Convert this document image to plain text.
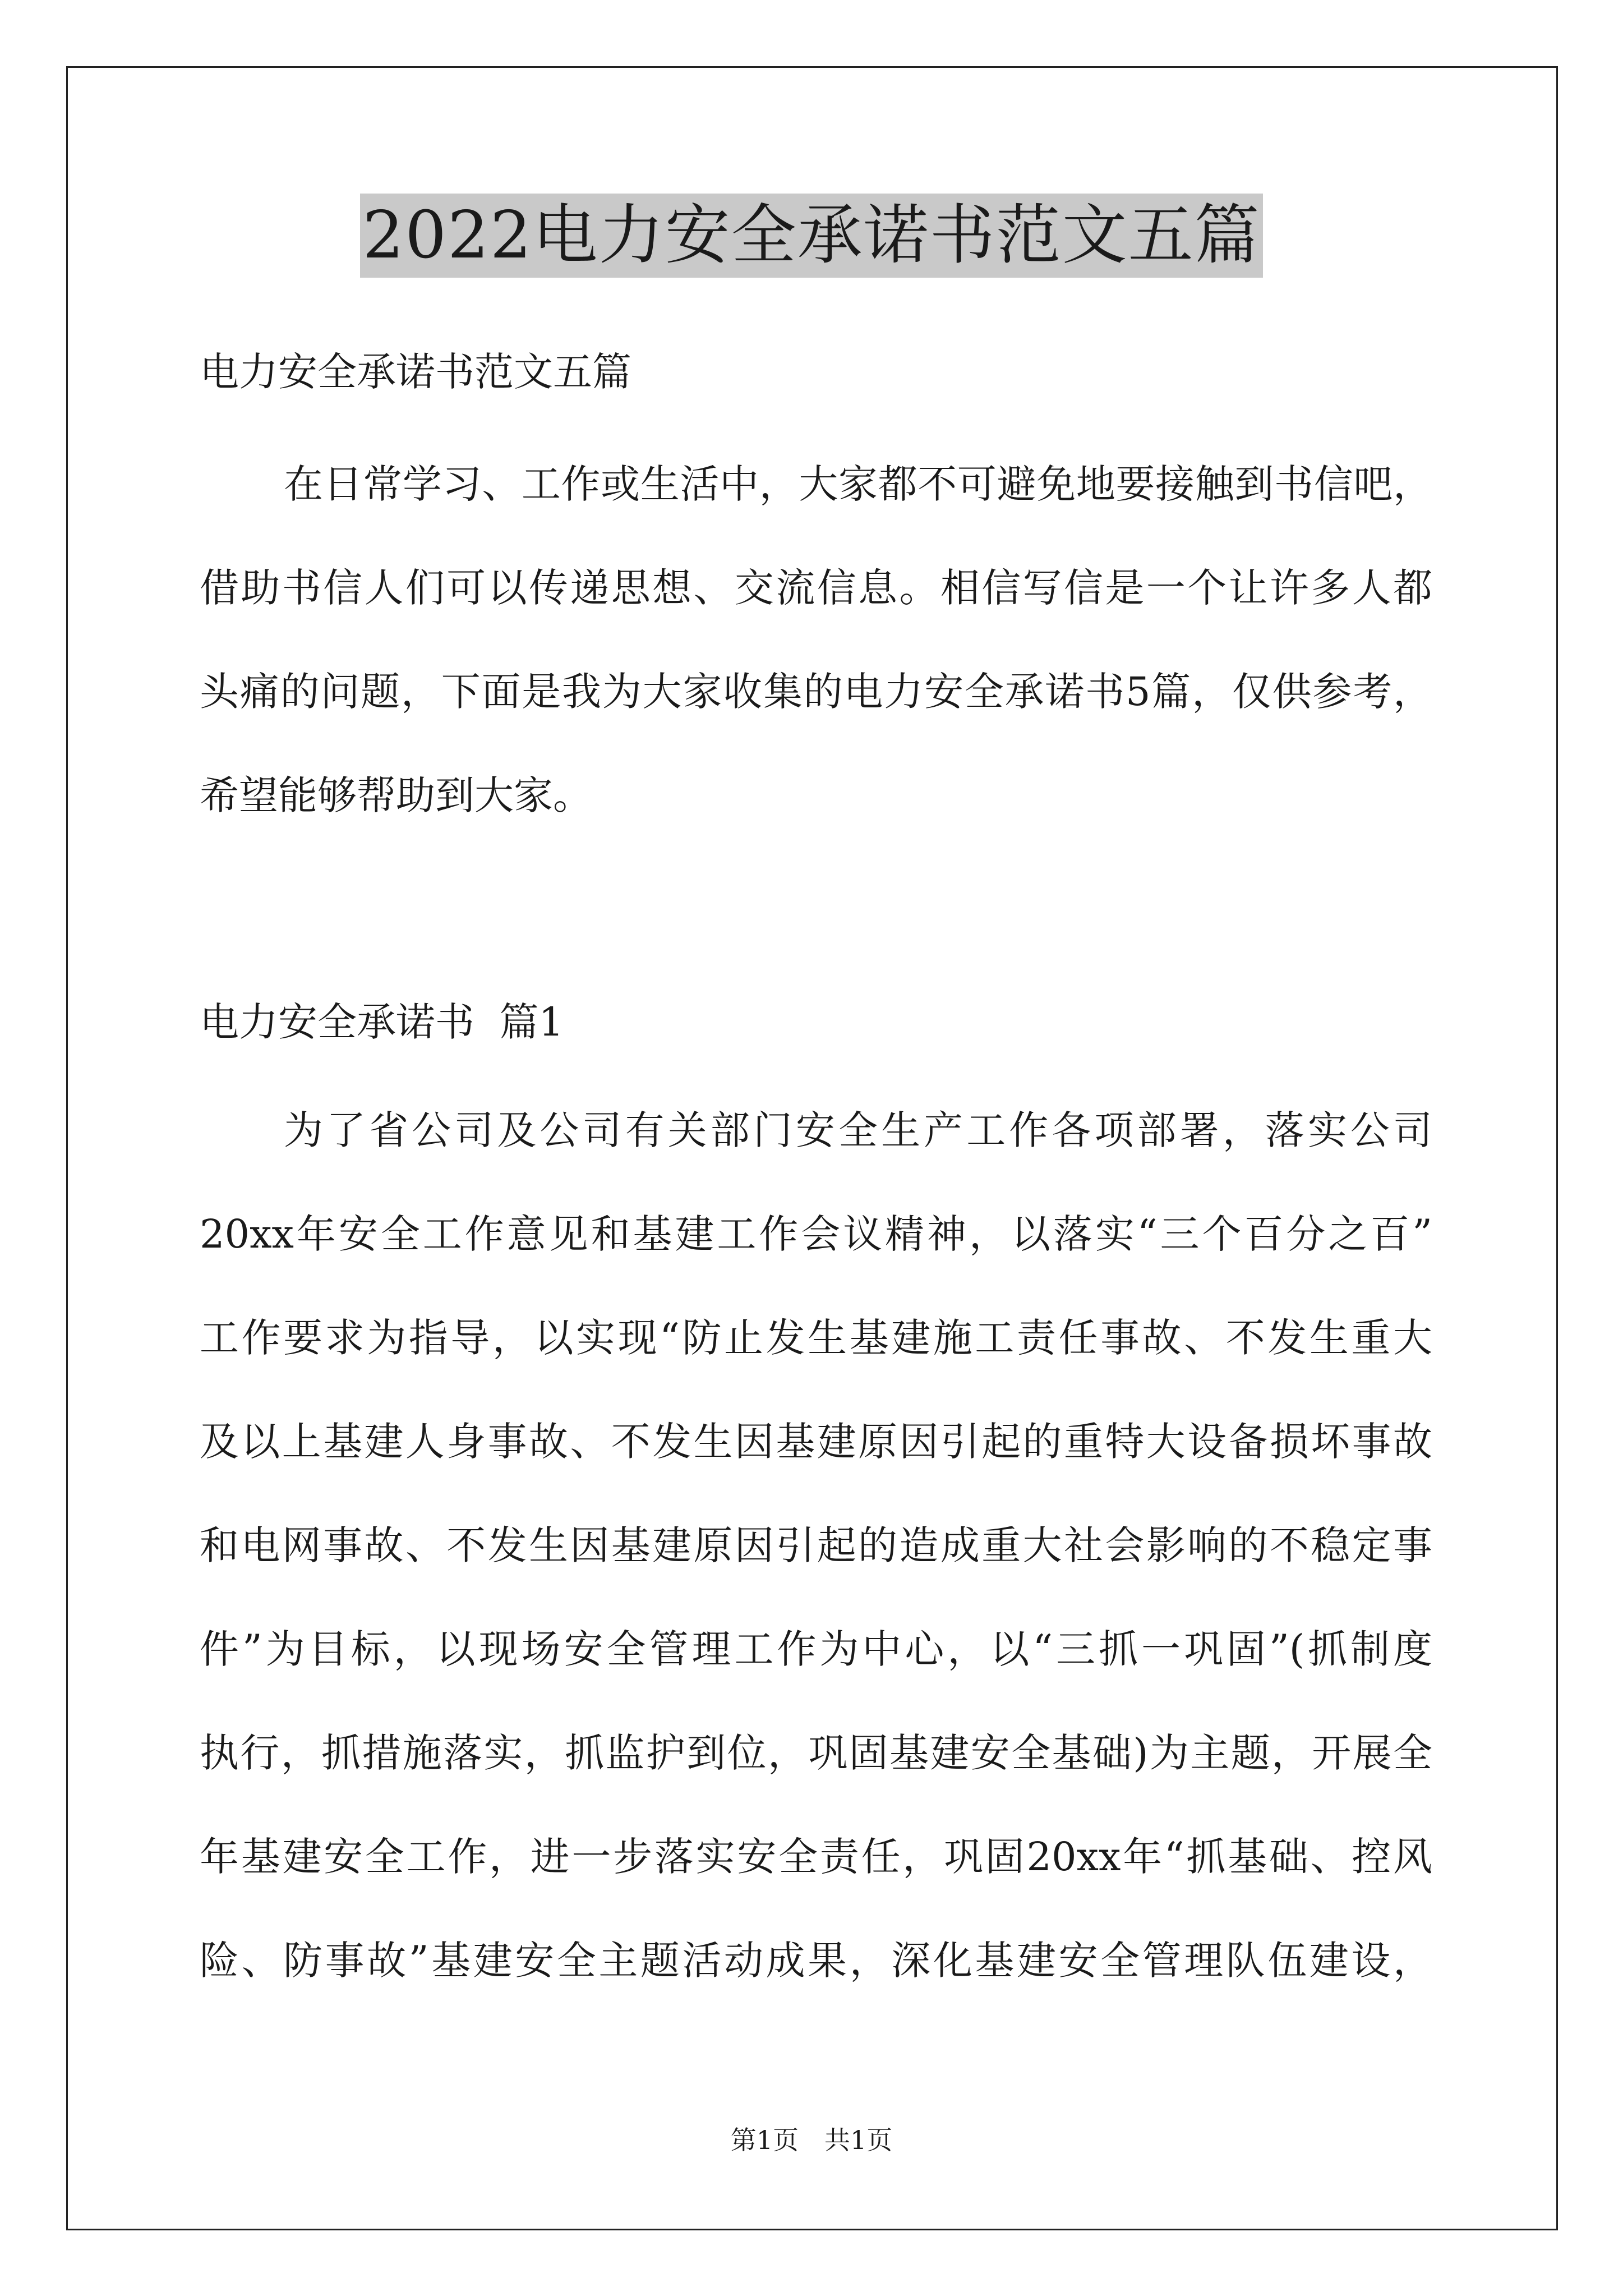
2022电力安全承诺书范文五篇

电力安全承诺书范文五篇

在日常学习、工作或生活中，大家都不可避免地要接触到书信吧，

借助书信人们可以传递思想、交流信息。相信写信是一个让许多人都

头痛的问题，下面是我为大家收集的电力安全承诺书5篇，仅供参考，

希望能够帮助到大家。

电力安全承诺书  篇1

为了省公司及公司有关部门安全生产工作各项部署，落实公司

20xx年安全工作意见和基建工作会议精神，以落实“三个百分之百”

工作要求为指导，以实现“防止发生基建施工责任事故、不发生重大

及以上基建人身事故、不发生因基建原因引起的重特大设备损坏事故

和电网事故、不发生因基建原因引起的造成重大社会影响的不稳定事

件”为目标，以现场安全管理工作为中心，以“三抓一巩固”(抓制度

执行，抓措施落实，抓监护到位，巩固基建安全基础)为主题，开展全

年基建安全工作，进一步落实安全责任，巩固20xx年“抓基础、控风

险、防事故”基建安全主题活动成果，深化基建安全管理队伍建设，

第1页　共1页
